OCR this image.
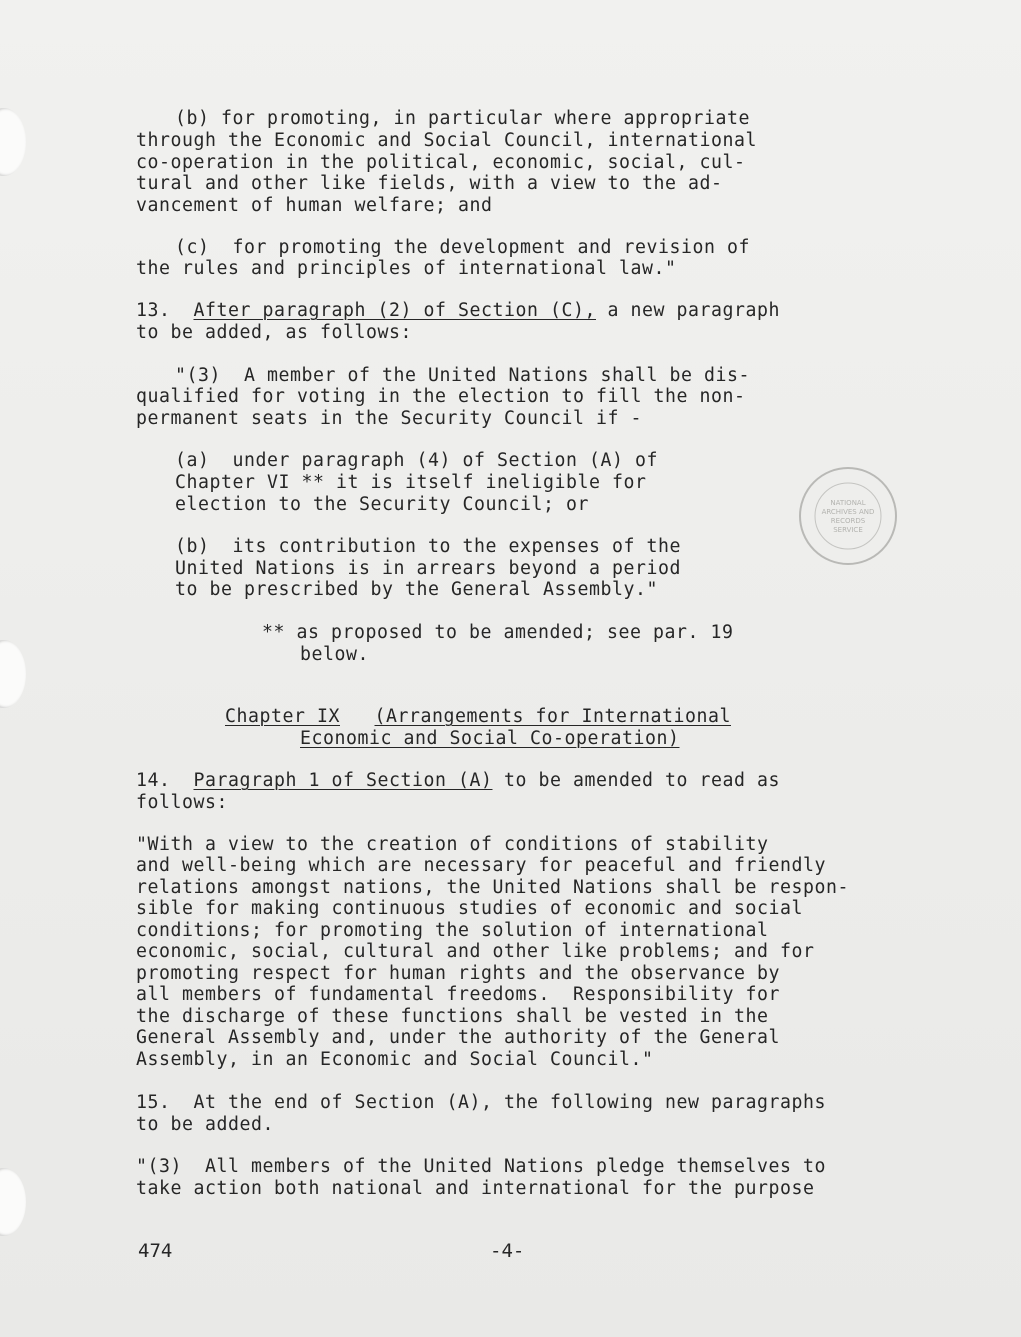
(b) for promoting, in particular where appropriate
through the Economic and Social Council, international
co-operation in the political, economic, social, cul-
tural and other like fields, with a view to the ad-
vancement of human welfare; and
(c)  for promoting the development and revision of
the rules and principles of international law."
13. After paragraph (2) of Section (C), a new paragraph
to be added, as follows:
"(3)  A member of the United Nations shall be dis-
qualified for voting in the election to fill the non-
permanent seats in the Security Council if -
(a)  under paragraph (4) of Section (A) of
Chapter VI ** it is itself ineligible for
election to the Security Council; or
(b)  its contribution to the expenses of the
United Nations is in arrears beyond a period
to be prescribed by the General Assembly."
** as proposed to be amended; see par. 19
below.
Chapter IX (Arrangements for International
Economic and Social Co-operation)
14. Paragraph 1 of Section (A) to be amended to read as
follows:
"With a view to the creation of conditions of stability
and well-being which are necessary for peaceful and friendly
relations amongst nations, the United Nations shall be respon-
sible for making continuous studies of economic and social
conditions; for promoting the solution of international
economic, social, cultural and other like problems; and for
promoting respect for human rights and the observance by
all members of fundamental freedoms.  Responsibility for
the discharge of these functions shall be vested in the
General Assembly and, under the authority of the General
Assembly, in an Economic and Social Council."
15. At the end of Section (A), the following new paragraphs
to be added.
"(3)  All members of the United Nations pledge themselves to
take action both national and international for the purpose
474	-4-
NATIONAL
ARCHIVES AND
RECORDS
SERVICE
